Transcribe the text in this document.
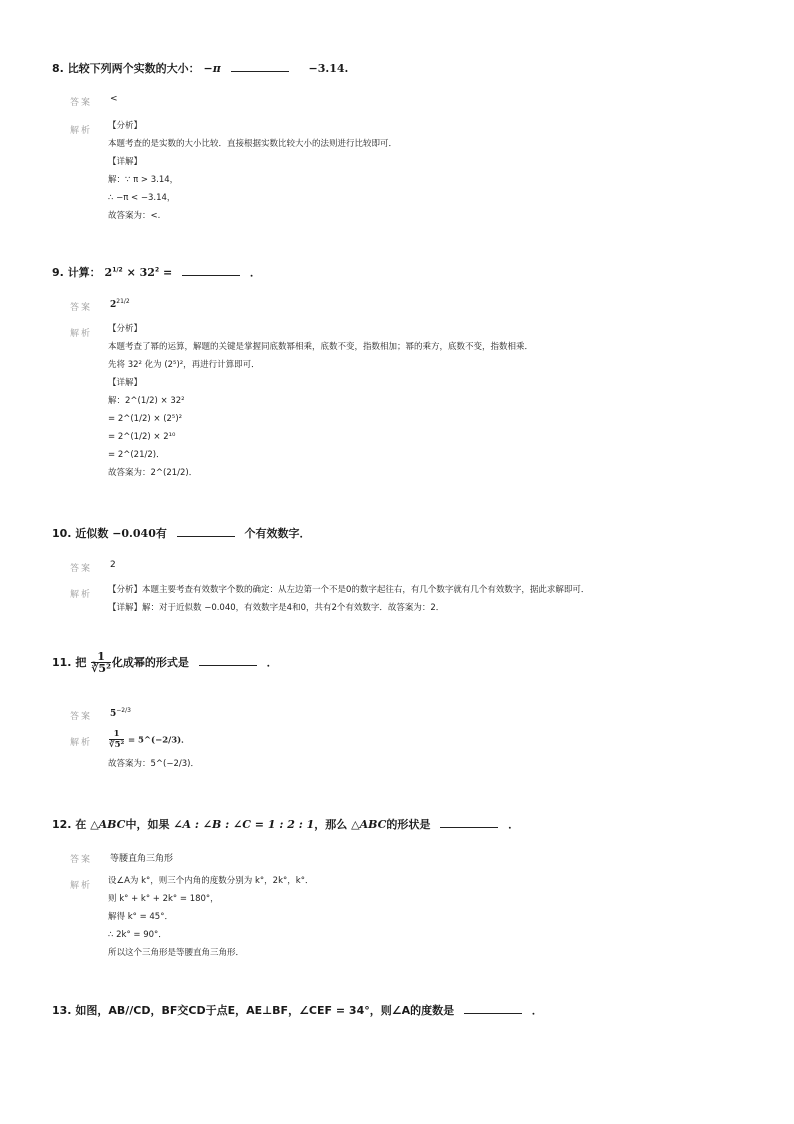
8. 比较下列两个实数的大小： −π	−3.14.
答案 <
解析 【分析】
本题考查的是实数的大小比较．直接根据实数比较大小的法则进行比较即可．
【详解】
解：∵ π > 3.14，
∴ −π < −3.14，
故答案为：<.
9. 计算： $2^{1/2} \times 32^2$ =	．
答案 $2^{21/2}$
解析 【分析】
本题考查了幂的运算，解题的关键是掌握同底数幂相乘，底数不变，指数相加；幂的乘方，底数不变，指数相乘．
先将 32² 化为 (2⁵)²，再进行计算即可．
【详解】
解：2^(1/2) × 32²
= 2^(1/2) × (2⁵)²
= 2^(1/2) × 2¹⁰
= 2^(21/2)．
故答案为：2^(21/2)．
10. 近似数 −0.040有	个有效数字．
答案 2
解析 【分析】本题主要考查有效数字个数的确定：从左边第一个不是0的数字起往右，有几个数字就有几个有效数字，据此求解即可．
【详解】解：对于近似数 −0.040，有效数字是4和0，共有2个有效数字．故答案为：2．
11. 把 $\frac{1}{\text{∛5²}}$ 化成幂的形式是	．
答案 $5^{-2/3}$
解析 $\frac{1}{\text{∛5²}}$ = 5^(−2/3)．
故答案为：5^(−2/3)．
12. 在 △ABC中，如果 ∠A : ∠B : ∠C = 1 : 2 : 1，那么 △ABC的形状是	．
答案 等腰直角三角形
解析 设∠A为 k°，则三个内角的度数分别为 k°，2k°，k°．
则 k° + k° + 2k° = 180°，
解得 k° = 45°．
∴ 2k° = 90°．
所以这个三角形是等腰直角三角形．
13. 如图，AB//CD，BF交CD于点E，AE⊥BF，∠CEF = 34°，则∠A的度数是	．
